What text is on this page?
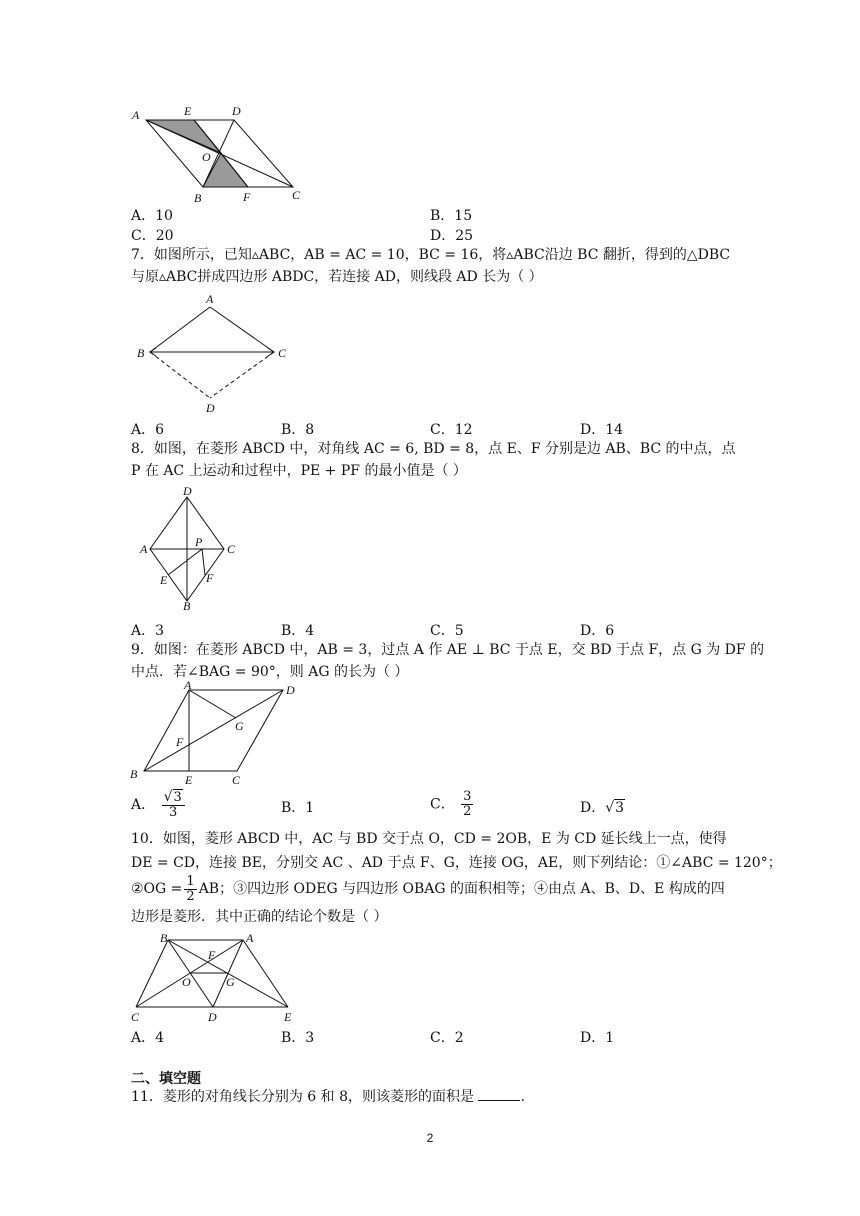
A	E	D
O
B	F	C
A．10	B．15
C．20	D．25
7．如图所示，已知▵ABC，AB = AC = 10，BC = 16，将▵ABC沿边 BC 翻折，得到的△DBC
与原▵ABC拼成四边形 ABDC，若连接 AD，则线段 AD 长为（ ）
A
B	C
D
A．6	B．8	C．12	D．14
8．如图，在菱形 ABCD 中，对角线 AC = 6, BD = 8，点 E、F 分别是边 AB、BC 的中点，点
P 在 AC 上运动和过程中，PE + PF 的最小值是（ ）
D
A	P C
E	F
B
A．3	B．4	C．5	D．6
9．如图：在菱形 ABCD 中，AB = 3，过点 A 作 AE ⊥ BC 于点 E，交 BD 于点 F，点 G 为 DF 的
中点．若∠BAG = 90°，则 AG 的长为（ ）
A	D
G
F
B	E	C
A． $\frac{√3}{3}$	B．1	C． $\frac{3}{2}$	D．√3
10．如图，菱形 ABCD 中，AC 与 BD 交于点 O，CD = 2OB，E 为 CD 延长线上一点，使得
DE = CD，连接 BE，分别交 AC 、AD 于点 F、G，连接 OG，AE，则下列结论：①∠ABC = 120°；
②OG = $\frac{1}{2}$ AB；③四边形 ODEG 与四边形 OBAG 的面积相等；④由点 A、B、D、E 构成的四
边形是菱形．其中正确的结论个数是（ ）
B	A
F
O	G
C	D	E
A．4	B．3	C．2	D．1
二、填空题
11．菱形的对角线长分别为 6 和 8，则该菱形的面积是	.
2
